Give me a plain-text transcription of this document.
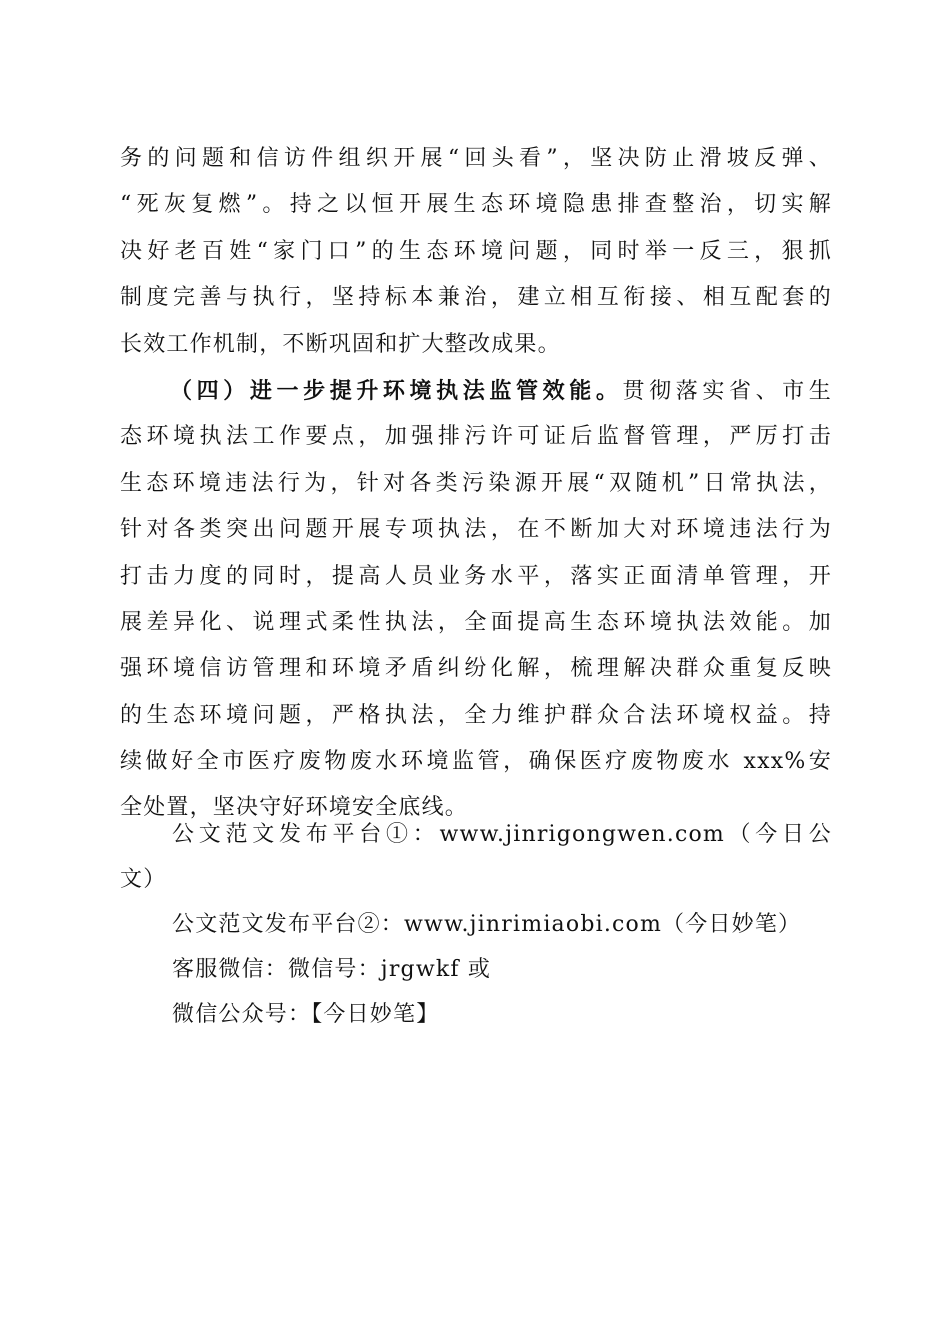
务的问题和信访件组织开展“回头看”，坚决防止滑坡反弹、
“死灰复燃”。持之以恒开展生态环境隐患排查整治，切实解
决好老百姓“家门口”的生态环境问题，同时举一反三，狠抓
制度完善与执行，坚持标本兼治，建立相互衔接、相互配套的
长效工作机制，不断巩固和扩大整改成果。
（四）进一步提升环境执法监管效能。贯彻落实省、市生
态环境执法工作要点，加强排污许可证后监督管理，严厉打击
生态环境违法行为，针对各类污染源开展“双随机”日常执法，
针对各类突出问题开展专项执法，在不断加大对环境违法行为
打击力度的同时，提高人员业务水平，落实正面清单管理，开
展差异化、说理式柔性执法，全面提高生态环境执法效能。加
强环境信访管理和环境矛盾纠纷化解，梳理解决群众重复反映
的生态环境问题，严格执法，全力维护群众合法环境权益。持
续做好全市医疗废物废水环境监管，确保医疗废物废水 xxx%安
全处置，坚决守好环境安全底线。
公文范文发布平台①：www.jinrigongwen.com（今日公
文）
公文范文发布平台②：www.jinrimiaobi.com（今日妙笔）
客服微信：微信号：jrgwkf 或
微信公众号：【今日妙笔】
